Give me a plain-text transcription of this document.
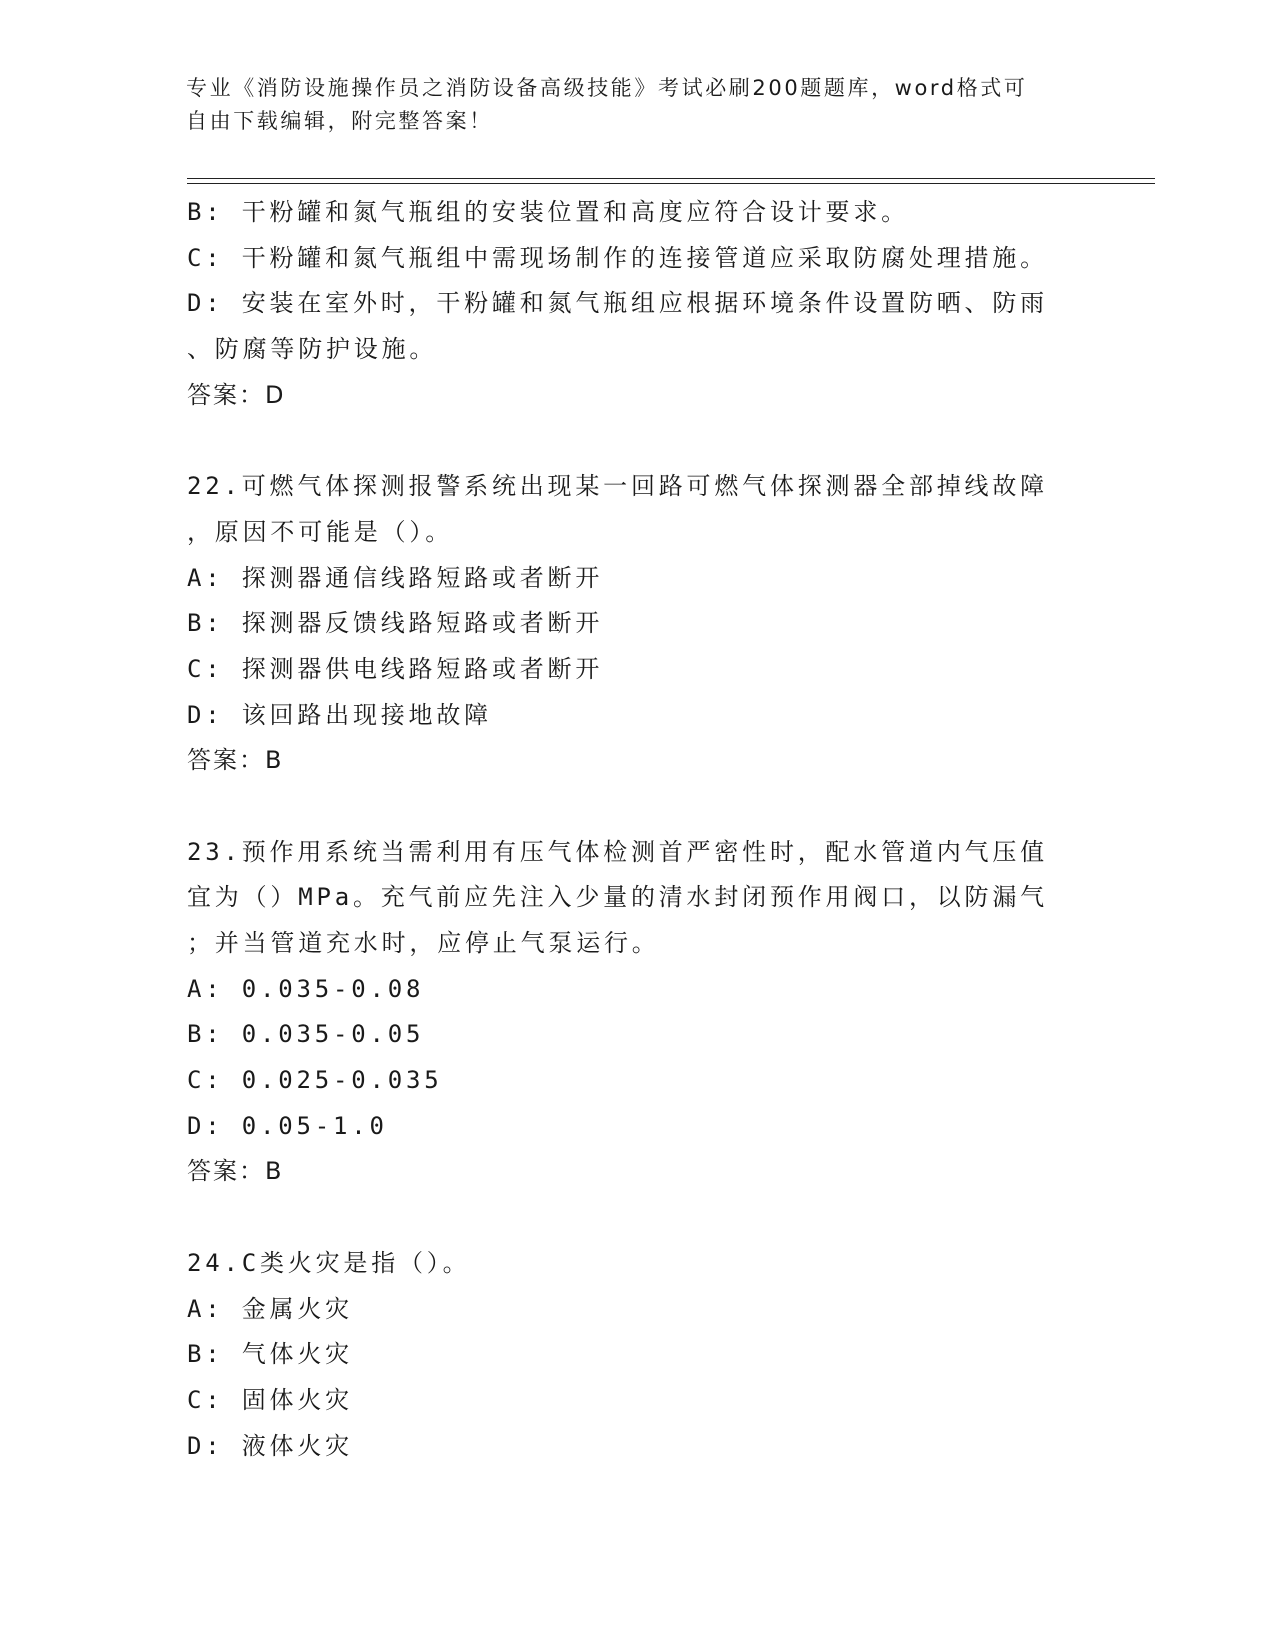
专业《消防设施操作员之消防设备高级技能》考试必刷200题题库，word格式可
自由下载编辑，附完整答案！
B: 干粉罐和氮气瓶组的安装位置和高度应符合设计要求。
C: 干粉罐和氮气瓶组中需现场制作的连接管道应采取防腐处理措施。
D: 安装在室外时，干粉罐和氮气瓶组应根据环境条件设置防晒、防雨
、防腐等防护设施。
答案：D
22.可燃气体探测报警系统出现某一回路可燃气体探测器全部掉线故障
，原因不可能是（）。
A: 探测器通信线路短路或者断开
B: 探测器反馈线路短路或者断开
C: 探测器供电线路短路或者断开
D: 该回路出现接地故障
答案：B
23.预作用系统当需利用有压气体检测首严密性时，配水管道内气压值
宜为（）MPa。充气前应先注入少量的清水封闭预作用阀口，以防漏气
；并当管道充水时，应停止气泵运行。
A: 0.035-0.08
B: 0.035-0.05
C: 0.025-0.035
D: 0.05-1.0
答案：B
24.C类火灾是指（）。
A: 金属火灾
B: 气体火灾
C: 固体火灾
D: 液体火灾
